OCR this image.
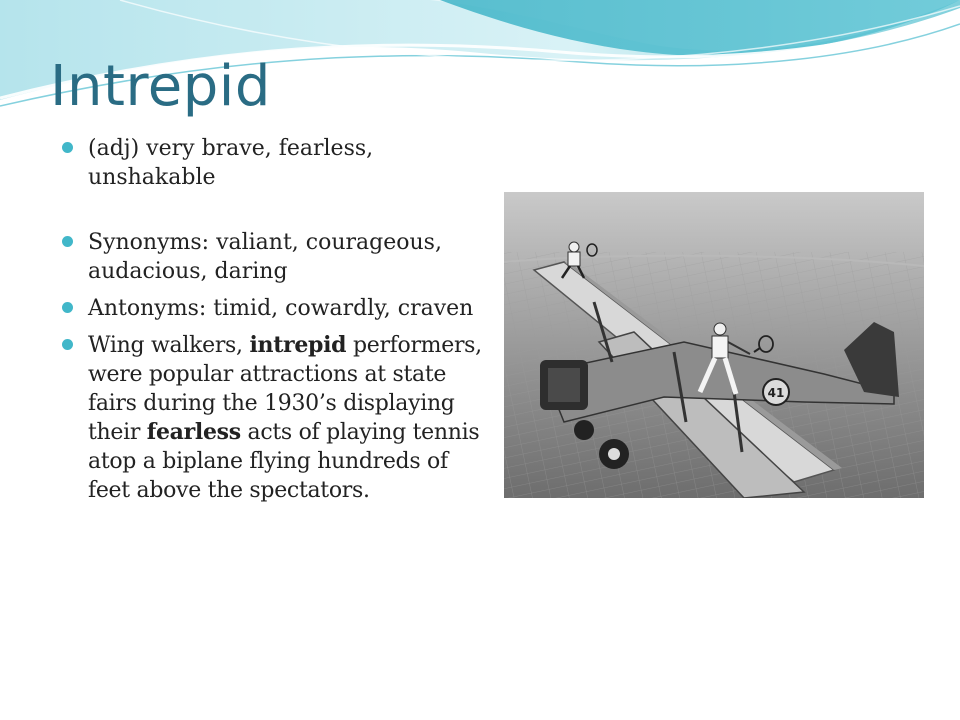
Intrepid
(adj) very brave, fearless, unshakable
Synonyms: valiant, courageous, audacious, daring
Antonyms: timid, cowardly, craven
Wing walkers, intrepid performers, were popular attractions at state fairs during the 1930’s displaying their fearless acts of playing tennis atop a biplane flying hundreds of feet above the spectators.
41
